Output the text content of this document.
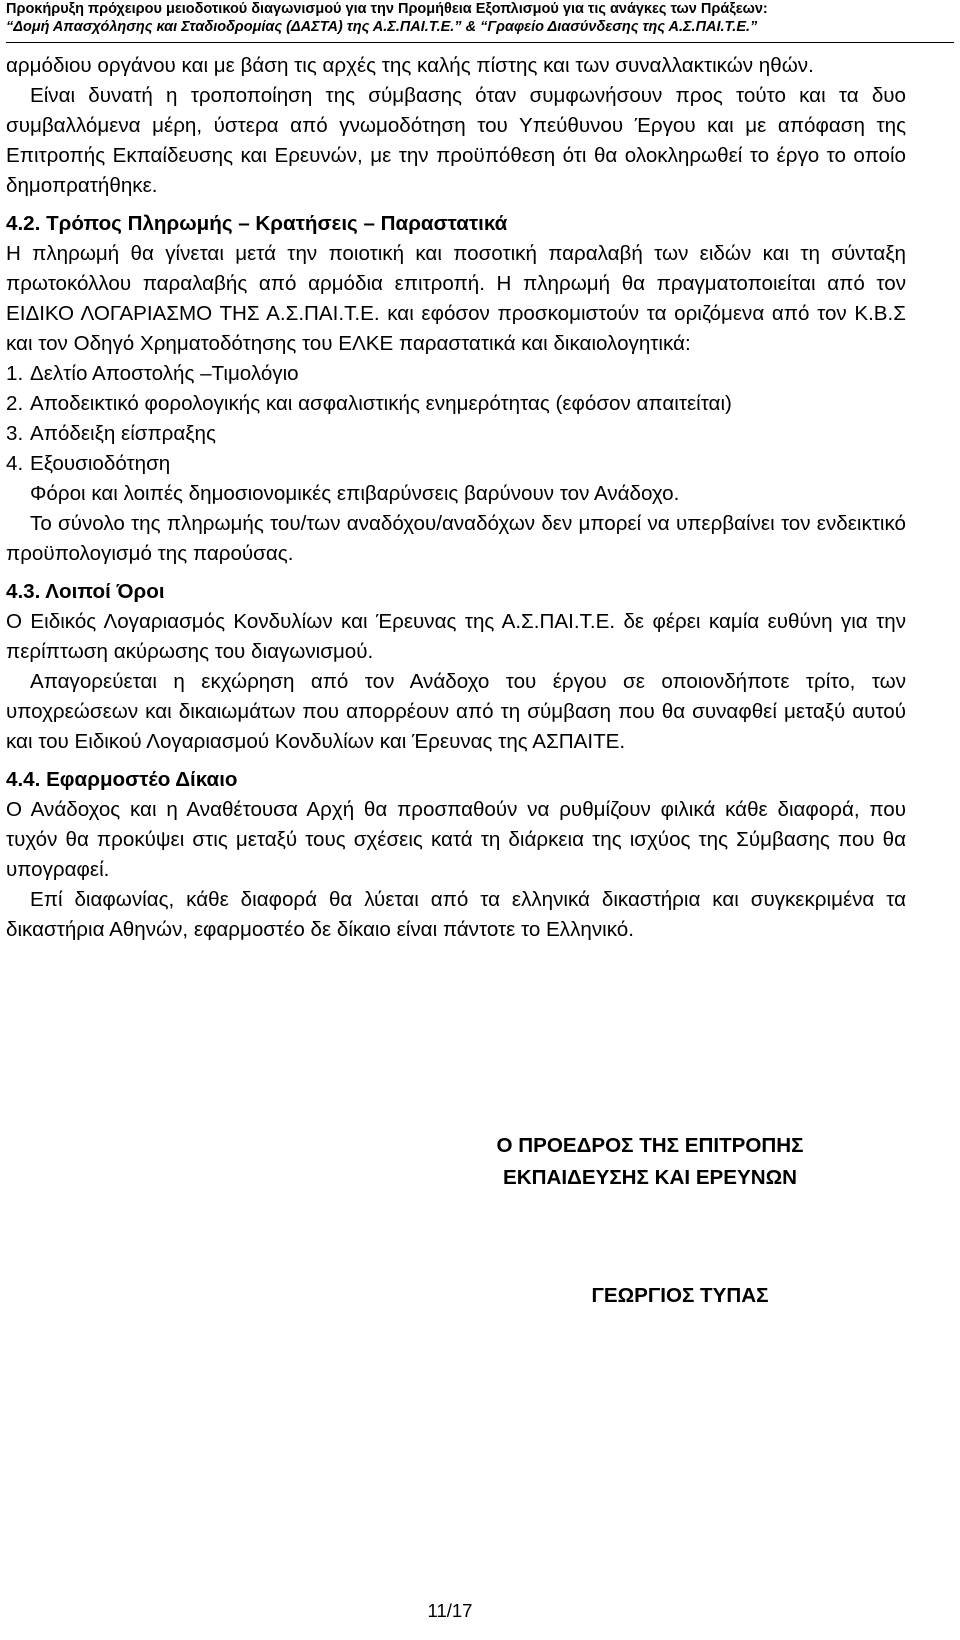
Προκήρυξη πρόχειρου μειοδοτικού διαγωνισμού για την Προμήθεια Εξοπλισμού για τις ανάγκες των Πράξεων:
“Δομή Απασχόλησης και Σταδιοδρομίας (ΔΑΣΤΑ) της Α.Σ.ΠΑΙ.Τ.Ε.” & “Γραφείο Διασύνδεσης της Α.Σ.ΠΑΙ.Τ.Ε.”

αρμόδιου οργάνου και με βάση τις αρχές της καλής πίστης και των συναλλακτικών ηθών.

Είναι δυνατή η τροποποίηση της σύμβασης όταν συμφωνήσουν προς τούτο και τα δυο συμβαλλόμενα μέρη, ύστερα από γνωμοδότηση του Υπεύθυνου Έργου και με απόφαση της Επιτροπής Εκπαίδευσης και Ερευνών, με την προϋπόθεση ότι θα ολοκληρωθεί το έργο το οποίο δημοπρατήθηκε.

4.2. Τρόπος Πληρωμής – Κρατήσεις – Παραστατικά

Η πληρωμή θα γίνεται μετά την ποιοτική και ποσοτική παραλαβή των ειδών και τη σύνταξη πρωτοκόλλου παραλαβής από αρμόδια επιτροπή. Η πληρωμή θα πραγματοποιείται από τον ΕΙΔΙΚΟ ΛΟΓΑΡΙΑΣΜΟ ΤΗΣ Α.Σ.ΠΑΙ.Τ.Ε. και εφόσον προσκομιστούν τα οριζόμενα από τον Κ.Β.Σ και τον Οδηγό Χρηματοδότησης του ΕΛΚΕ παραστατικά και δικαιολογητικά:

1. Δελτίο Αποστολής –Τιμολόγιο
2. Αποδεικτικό φορολογικής και ασφαλιστικής ενημερότητας (εφόσον απαιτείται)
3. Απόδειξη είσπραξης
4. Εξουσιοδότηση

Φόροι και λοιπές δημοσιονομικές επιβαρύνσεις βαρύνουν τον Ανάδοχο.

Το σύνολο της πληρωμής του/των αναδόχου/αναδόχων δεν μπορεί να υπερβαίνει τον ενδεικτικό προϋπολογισμό της παρούσας.

4.3. Λοιποί Όροι

Ο Ειδικός Λογαριασμός Κονδυλίων και Έρευνας της Α.Σ.ΠΑΙ.Τ.Ε. δε φέρει καμία ευθύνη για την περίπτωση ακύρωσης του διαγωνισμού.

Απαγορεύεται η εκχώρηση από τον Ανάδοχο του έργου σε οποιονδήποτε τρίτο, των υποχρεώσεων και δικαιωμάτων που απορρέουν από τη σύμβαση που θα συναφθεί μεταξύ αυτού και του Ειδικού Λογαριασμού Κονδυλίων και Έρευνας της ΑΣΠΑΙΤΕ.

4.4. Εφαρμοστέο Δίκαιο

Ο Ανάδοχος και η Αναθέτουσα Αρχή θα προσπαθούν να ρυθμίζουν φιλικά κάθε διαφορά, που τυχόν θα προκύψει στις μεταξύ τους σχέσεις κατά τη διάρκεια της ισχύος της Σύμβασης που θα υπογραφεί.

Επί διαφωνίας, κάθε διαφορά θα λύεται από τα ελληνικά δικαστήρια και συγκεκριμένα τα δικαστήρια Αθηνών, εφαρμοστέο δε δίκαιο είναι πάντοτε το Ελληνικό.

Ο ΠΡΟΕΔΡΟΣ ΤΗΣ ΕΠΙΤΡΟΠΗΣ
ΕΚΠΑΙΔΕΥΣΗΣ ΚΑΙ ΕΡΕΥΝΩΝ
ΓΕΩΡΓΙΟΣ ΤΥΠΑΣ
11/17
